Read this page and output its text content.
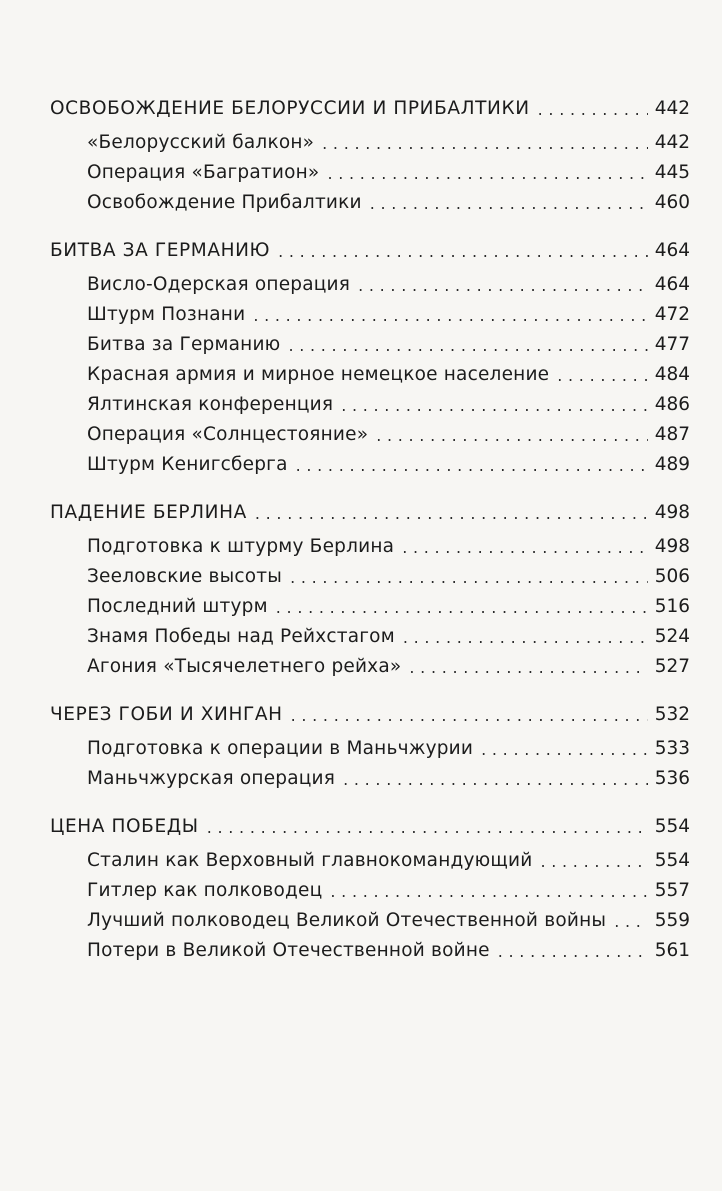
ОСВОБОЖДЕНИЕ БЕЛОРУССИИ И ПРИБАЛТИКИ . . .	442
«Белорусский балкон» . . .	442
Операция «Багратион» . . .	445
Освобождение Прибалтики . . .	460
БИТВА ЗА ГЕРМАНИЮ . . .	464
Висло-Одерская операция . . .	464
Штурм Познани . . .	472
Битва за Германию . . .	477
Красная армия и мирное немецкое население . . .	484
Ялтинская конференция . . .	486
Операция «Солнцестояние» . . .	487
Штурм Кенигсберга . . .	489
ПАДЕНИЕ БЕРЛИНА . . .	498
Подготовка к штурму Берлина . . .	498
Зееловские высоты . . .	506
Последний штурм . . .	516
Знамя Победы над Рейхстагом . . .	524
Агония «Тысячелетнего рейха» . . .	527
ЧЕРЕЗ ГОБИ И ХИНГАН . . .	532
Подготовка к операции в Маньчжурии . . .	533
Маньчжурская операция . . .	536
ЦЕНА ПОБЕДЫ . . .	554
Сталин как Верховный главнокомандующий . . .	554
Гитлер как полководец . . .	557
Лучший полководец Великой Отечественной войны . . .	559
Потери в Великой Отечественной войне . . .	561
